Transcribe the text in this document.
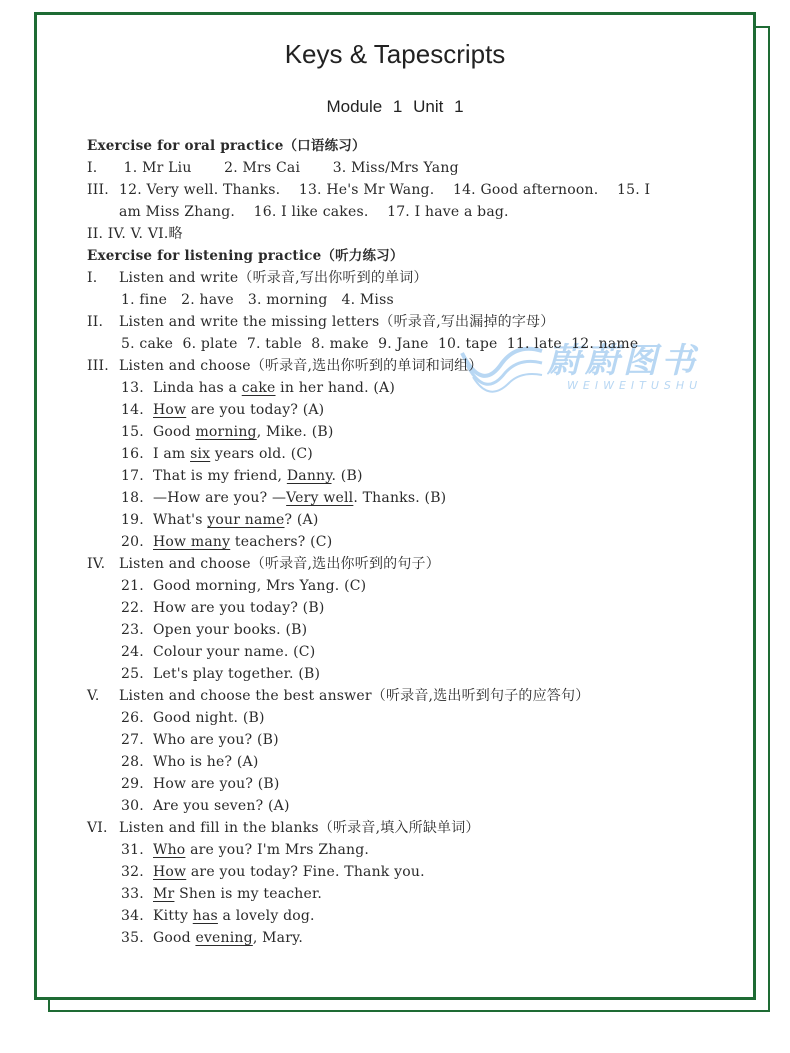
Keys & Tapescripts
Module 1 Unit 1
蔚蔚图书
WEIWEITUSHU
Exercise for oral practice（口语练习）
I. 1. Mr Liu 2. Mrs Cai 3. Miss/Mrs Yang
III. 12. Very well. Thanks.    13. He's Mr Wang.    14. Good afternoon.    15. I
am Miss Zhang.    16. I like cakes.    17. I have a bag.
II. IV. V. VI.略
Exercise for listening practice（听力练习）
I. Listen and write（听录音,写出你听到的单词）
1. fine   2. have   3. morning   4. Miss
II. Listen and write the missing letters（听录音,写出漏掉的字母）
5. cake  6. plate  7. table  8. make  9. Jane  10. tape  11. late  12. name
III. Listen and choose（听录音,选出你听到的单词和词组）
13. Linda has a cake in her hand. (A)
14. How are you today? (A)
15. Good morning, Mike. (B)
16. I am six years old. (C)
17. That is my friend, Danny. (B)
18. —How are you? —Very well. Thanks. (B)
19. What's your name? (A)
20. How many teachers? (C)
IV. Listen and choose（听录音,选出你听到的句子）
21. Good morning, Mrs Yang. (C)
22. How are you today? (B)
23. Open your books. (B)
24. Colour your name. (C)
25. Let's play together. (B)
V. Listen and choose the best answer（听录音,选出听到句子的应答句）
26. Good night. (B)
27. Who are you? (B)
28. Who is he? (A)
29. How are you? (B)
30. Are you seven? (A)
VI. Listen and fill in the blanks（听录音,填入所缺单词）
31. Who are you? I'm Mrs Zhang.
32. How are you today? Fine. Thank you.
33. Mr Shen is my teacher.
34. Kitty has a lovely dog.
35. Good evening, Mary.
